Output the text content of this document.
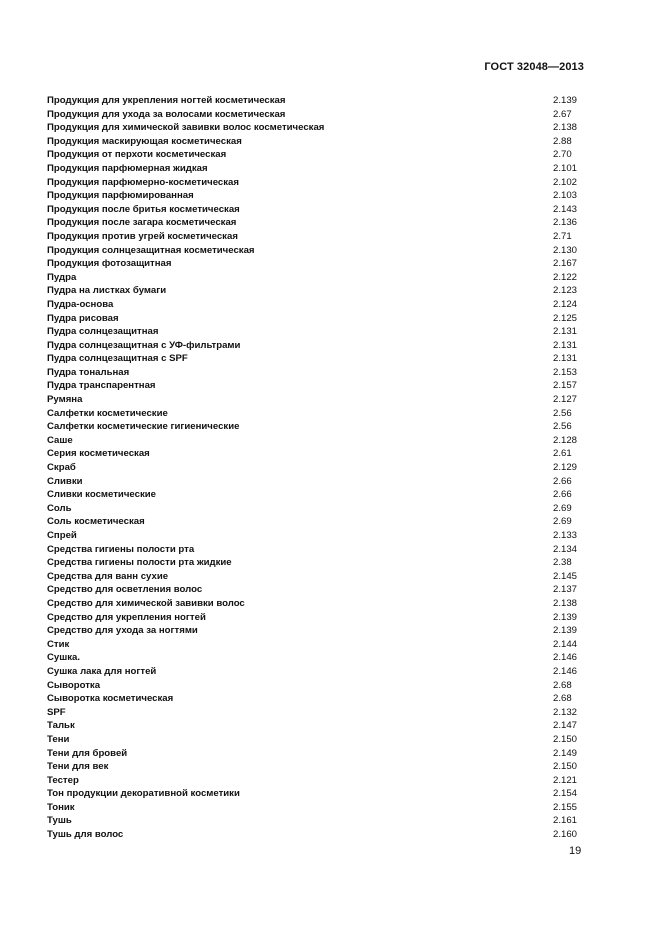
ГОСТ 32048—2013
Продукция для укрепления ногтей косметическая	2.139
Продукция для ухода за волосами косметическая	2.67
Продукция для химической завивки волос косметическая	2.138
Продукция маскирующая косметическая	2.88
Продукция от перхоти косметическая	2.70
Продукция парфюмерная жидкая	2.101
Продукция парфюмерно-косметическая	2.102
Продукция парфюмированная	2.103
Продукция после бритья косметическая	2.143
Продукция после загара косметическая	2.136
Продукция против угрей косметическая	2.71
Продукция солнцезащитная косметическая	2.130
Продукция фотозащитная	2.167
Пудра	2.122
Пудра на листках бумаги	2.123
Пудра-основа	2.124
Пудра рисовая	2.125
Пудра солнцезащитная	2.131
Пудра солнцезащитная с УФ-фильтрами	2.131
Пудра солнцезащитная с SPF	2.131
Пудра тональная	2.153
Пудра транспарентная	2.157
Румяна	2.127
Салфетки косметические	2.56
Салфетки косметические гигиенические	2.56
Саше	2.128
Серия косметическая	2.61
Скраб	2.129
Сливки	2.66
Сливки косметические	2.66
Соль	2.69
Соль косметическая	2.69
Спрей	2.133
Средства гигиены полости рта	2.134
Средства гигиены полости рта жидкие	2.38
Средства для ванн сухие	2.145
Средство для осветления волос	2.137
Средство для химической завивки волос	2.138
Средство для укрепления ногтей	2.139
Средство для ухода за ногтями	2.139
Стик	2.144
Сушка.	2.146
Сушка лака для ногтей	2.146
Сыворотка	2.68
Сыворотка косметическая	2.68
SPF	2.132
Тальк	2.147
Тени	2.150
Тени для бровей	2.149
Тени для век	2.150
Тестер	2.121
Тон продукции декоративной косметики	2.154
Тоник	2.155
Тушь	2.161
Тушь для волос	2.160
19
